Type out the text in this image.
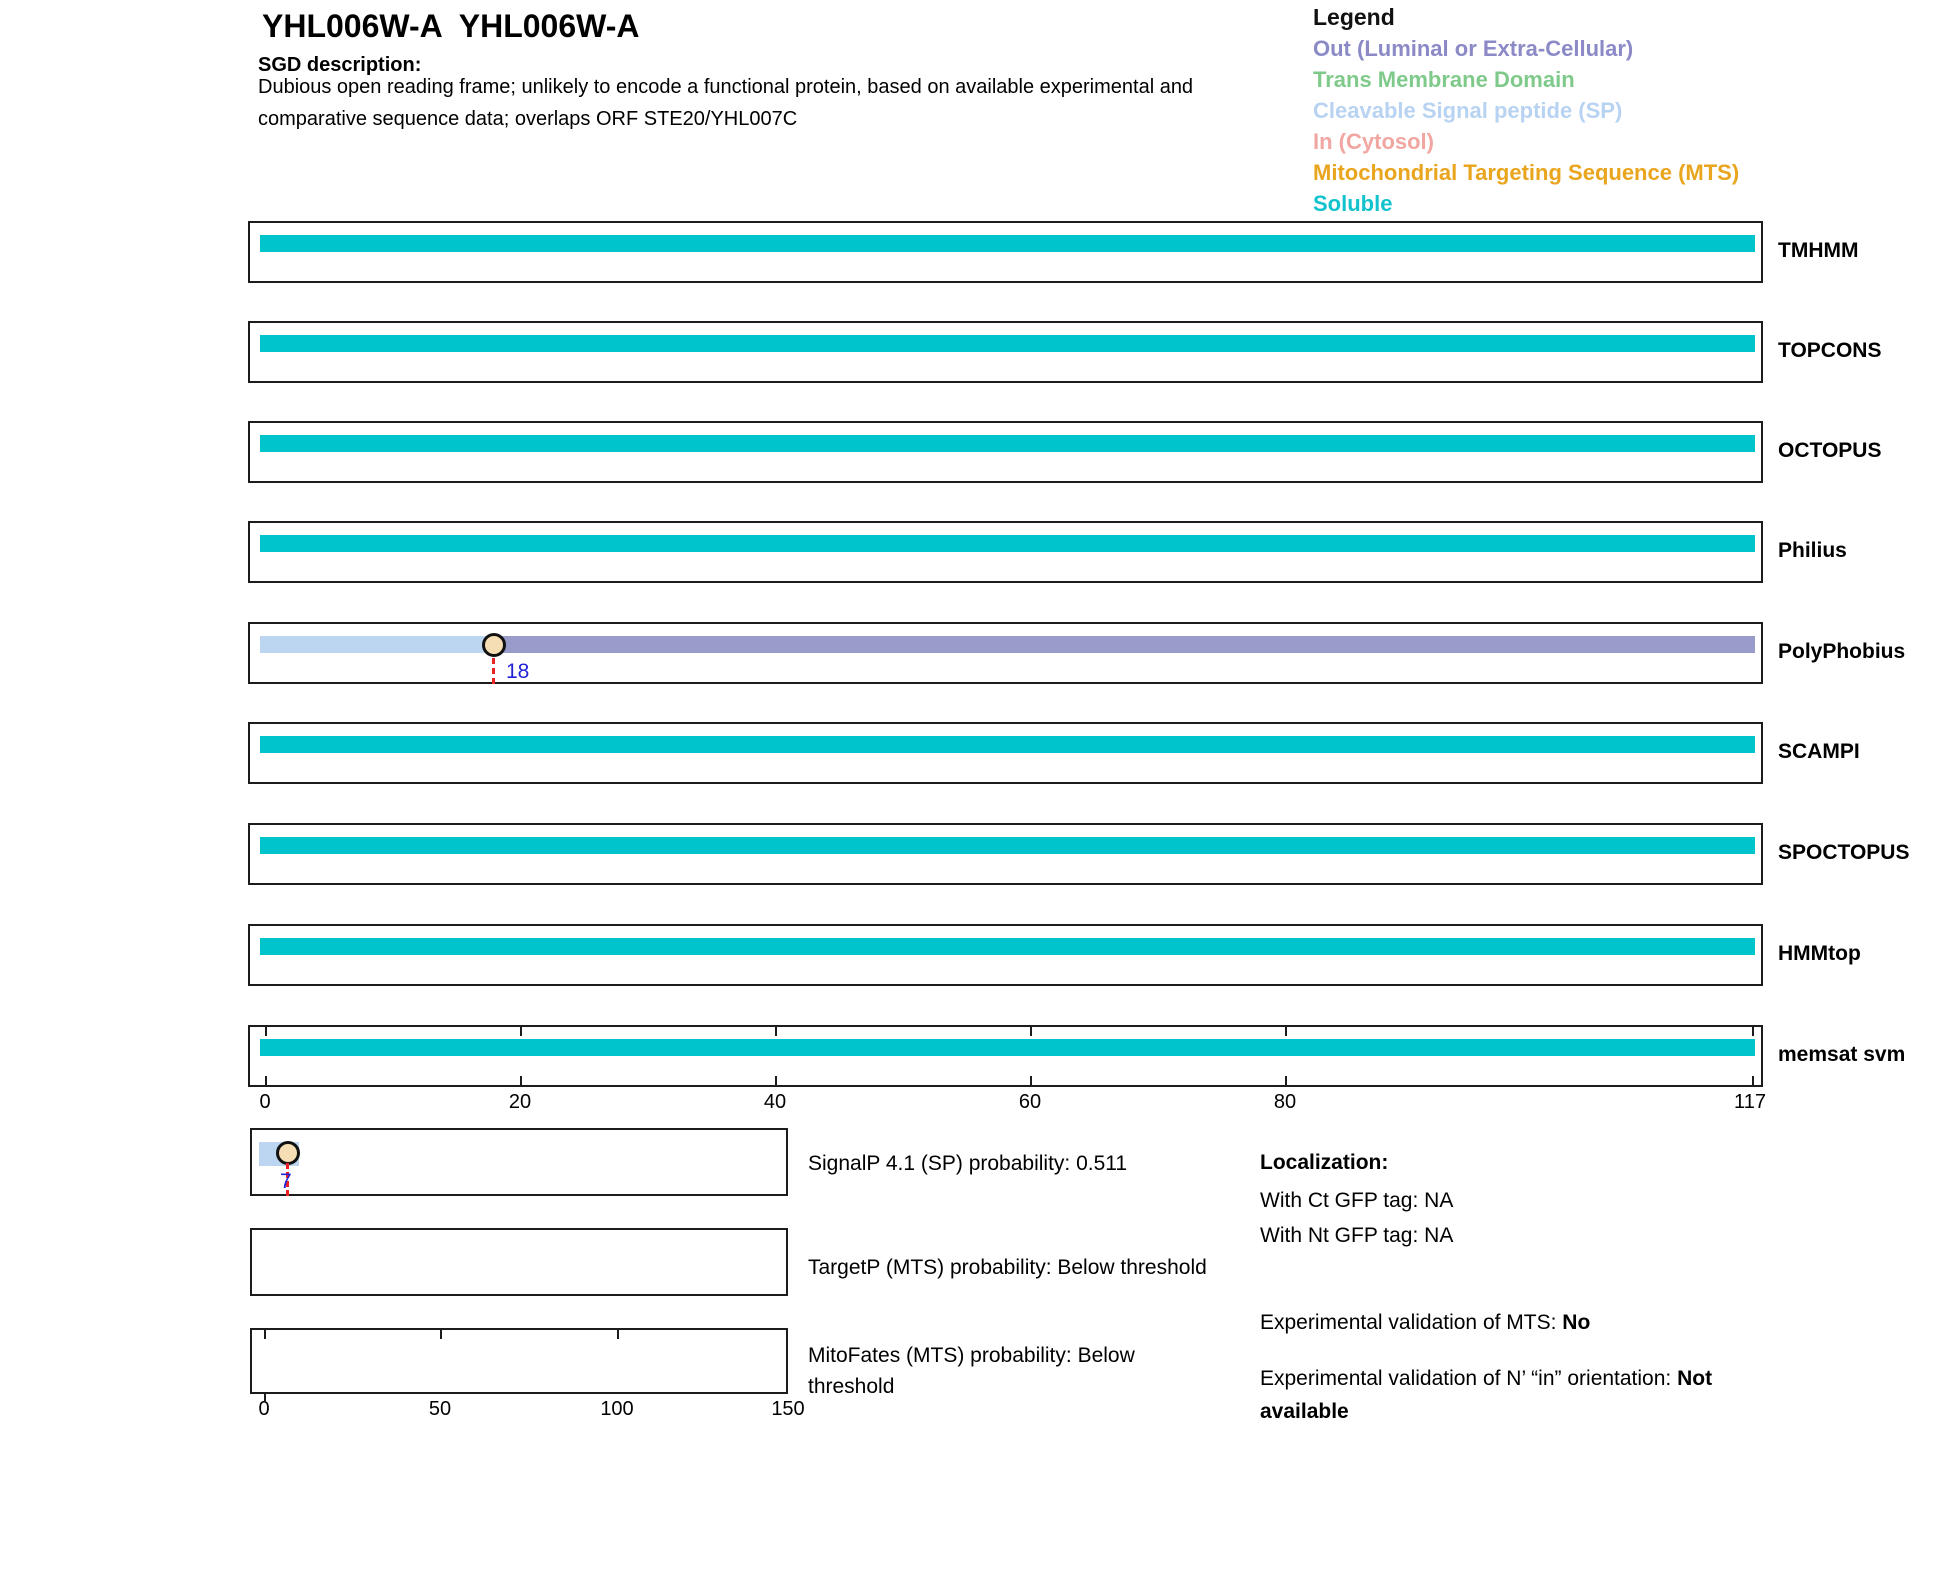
YHL006W-A  YHL006W-A
SGD description:
Dubious open reading frame; unlikely to encode a functional protein, based on available experimental and
comparative sequence data; overlaps ORF STE20/YHL007C
Legend
Out (Luminal or Extra-Cellular)
Trans Membrane Domain
Cleavable Signal peptide (SP)
In (Cytosol)
Mitochondrial Targeting Sequence (MTS)
Soluble
TMHMM
TOPCONS
OCTOPUS
Philius
18
PolyPhobius
SCAMPI
SPOCTOPUS
HMMtop
memsat svm
0	20	40	60	80	117
7
SignalP 4.1 (SP) probability: 0.511
TargetP (MTS) probability: Below threshold
MitoFates (MTS) probability: Below threshold
0	50	100	150
Localization:
With Ct GFP tag: NA
With Nt GFP tag: NA
Experimental validation of MTS: No
Experimental validation of N’ “in” orientation: Not available
